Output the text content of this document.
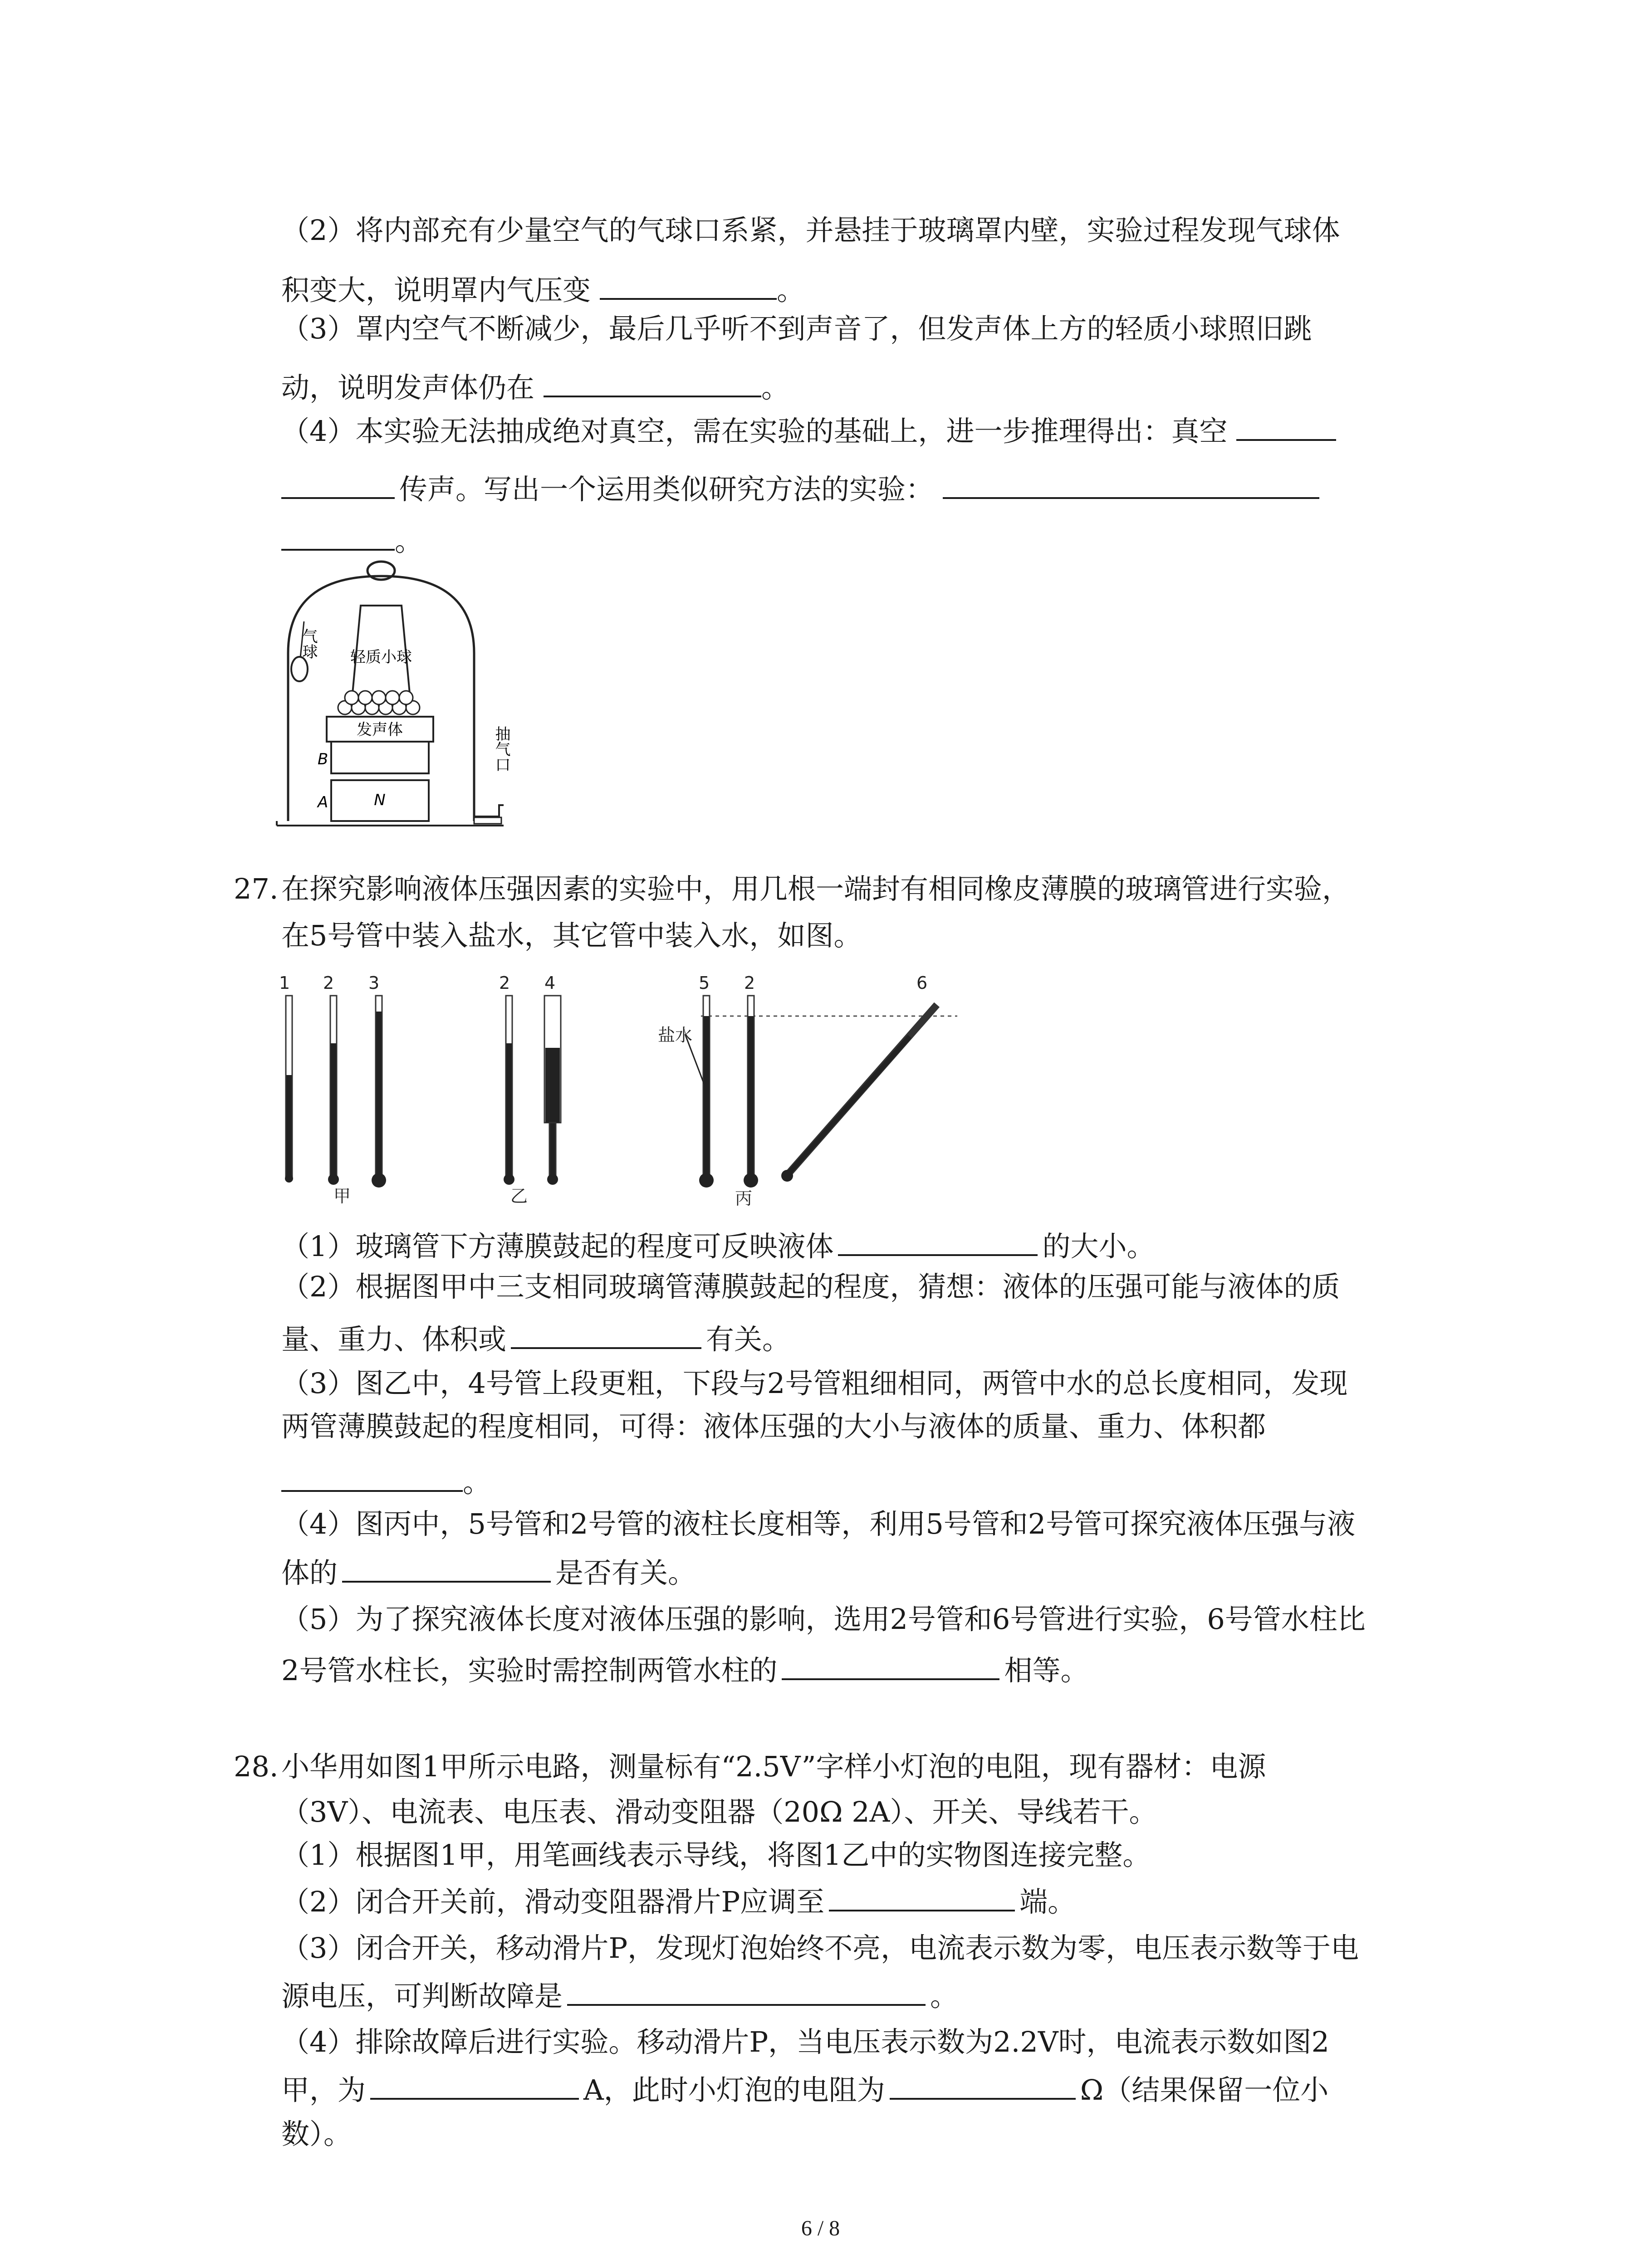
（2）将内部充有少量空气的气球口系紧，并悬挂于玻璃罩内壁，实验过程发现气球体
积变大，说明罩内气压变	。
（3）罩内空气不断减少，最后几乎听不到声音了，但发声体上方的轻质小球照旧跳
动，说明发声体仍在	。
（4）本实验无法抽成绝对真空，需在实验的基础上，进一步推理得出：真空
传声。写出一个运用类似研究方法的实验：
。
气球 轻质小球
发声体
B
N
A
抽气口
27. 在探究影响液体压强因素的实验中，用几根一端封有相同橡皮薄膜的玻璃管进行实验，
在5号管中装入盐水，其它管中装入水，如图。
1 2 3
甲
2 4
乙
5 2	6
丙
盐水
（1）玻璃管下方薄膜鼓起的程度可反映液体	的大小。
（2）根据图甲中三支相同玻璃管薄膜鼓起的程度，猜想：液体的压强可能与液体的质
量、重力、体积或	有关。
（3）图乙中，4号管上段更粗，下段与2号管粗细相同，两管中水的总长度相同，发现
两管薄膜鼓起的程度相同，可得：液体压强的大小与液体的质量、重力、体积都
。
（4）图丙中，5号管和2号管的液柱长度相等，利用5号管和2号管可探究液体压强与液
体的	是否有关。
（5）为了探究液体长度对液体压强的影响，选用2号管和6号管进行实验，6号管水柱比
2号管水柱长，实验时需控制两管水柱的	相等。
28. 小华用如图1甲所示电路，测量标有“2.5V”字样小灯泡的电阻，现有器材：电源
（3V）、电流表、电压表、滑动变阻器（20Ω 2A）、开关、导线若干。
（1）根据图1甲，用笔画线表示导线，将图1乙中的实物图连接完整。
（2）闭合开关前，滑动变阻器滑片P应调至	端。
（3）闭合开关，移动滑片P，发现灯泡始终不亮，电流表示数为零，电压表示数等于电
源电压，可判断故障是	。
（4）排除故障后进行实验。移动滑片P，当电压表示数为2.2V时，电流表示数如图2
甲，为	A，此时小灯泡的电阻为	Ω（结果保留一位小
数）。
6 / 8
